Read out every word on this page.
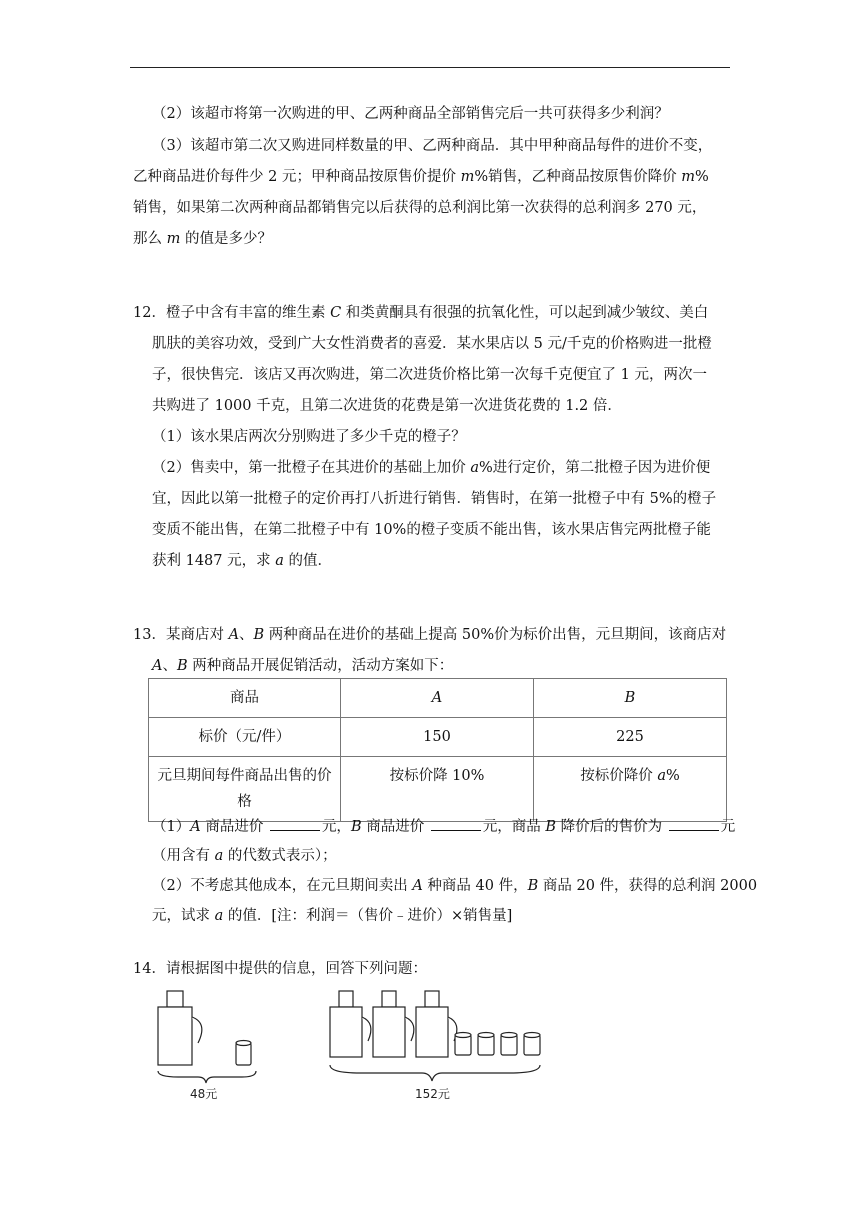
（2）该超市将第一次购进的甲、乙两种商品全部销售完后一共可获得多少利润？
（3）该超市第二次又购进同样数量的甲、乙两种商品．其中甲种商品每件的进价不变，
乙种商品进价每件少 2 元；甲种商品按原售价提价 m%销售，乙种商品按原售价降价 m%
销售，如果第二次两种商品都销售完以后获得的总利润比第一次获得的总利润多 270 元，
那么 m 的值是多少？
12．橙子中含有丰富的维生素 C 和类黄酮具有很强的抗氧化性，可以起到减少皱纹、美白
肌肤的美容功效，受到广大女性消费者的喜爱．某水果店以 5 元/千克的价格购进一批橙
子，很快售完．该店又再次购进，第二次进货价格比第一次每千克便宜了 1 元，两次一
共购进了 1000 千克，且第二次进货的花费是第一次进货花费的 1.2 倍．
（1）该水果店两次分别购进了多少千克的橙子？
（2）售卖中，第一批橙子在其进价的基础上加价 a%进行定价，第二批橙子因为进价便
宜，因此以第一批橙子的定价再打八折进行销售．销售时，在第一批橙子中有 5%的橙子
变质不能出售，在第二批橙子中有 10%的橙子变质不能出售，该水果店售完两批橙子能
获利 1487 元，求 a 的值．
13．某商店对 A、B 两种商品在进价的基础上提高 50%价为标价出售，元旦期间，该商店对
A、B 两种商品开展促销活动，活动方案如下：
商品	A	B
标价（元/件）	150	225
元旦期间每件商品出售的价
格	按标价降 10%	按标价降价 a%
（1）A 商品进价	元，B 商品进价	元，商品 B 降价后的售价为	元
（用含有 a 的代数式表示）；
（2）不考虑其他成本，在元旦期间卖出 A 种商品 40 件，B 商品 20 件，获得的总利润 2000
元，试求 a 的值．[注：利润＝（售价﹣进价）×销售量]
14．请根据图中提供的信息，回答下列问题：
48元	152元
